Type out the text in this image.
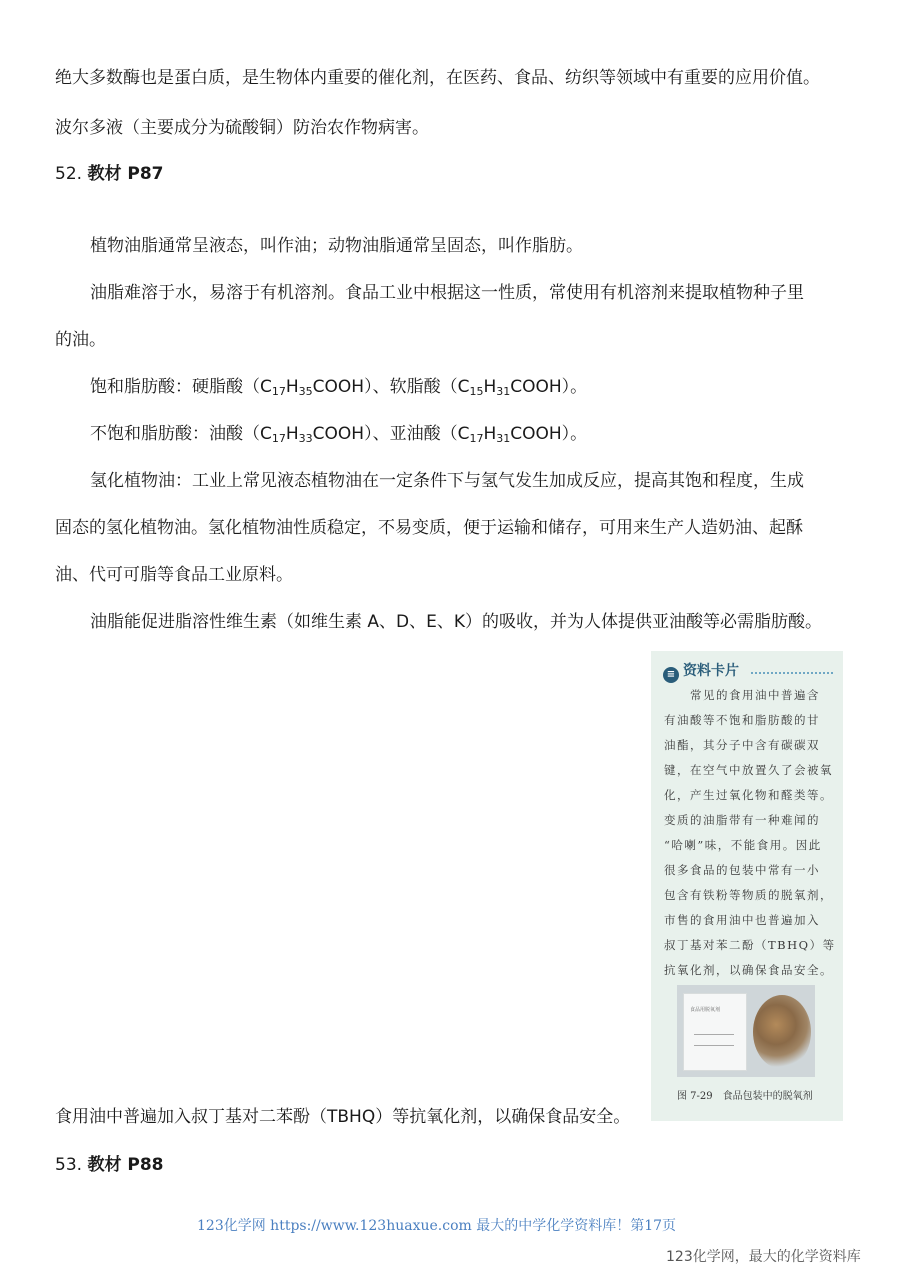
绝大多数酶也是蛋白质，是生物体内重要的催化剂，在医药、食品、纺织等领域中有重要的应用价值。
波尔多液（主要成分为硫酸铜）防治农作物病害。
52. 教材 P87
植物油脂通常呈液态，叫作油；动物油脂通常呈固态，叫作脂肪。
油脂难溶于水，易溶于有机溶剂。食品工业中根据这一性质，常使用有机溶剂来提取植物种子里
的油。
饱和脂肪酸：硬脂酸$(C_{17}H_{35}COOH)$、软脂酸$(C_{15}H_{31}COOH)$。
不饱和脂肪酸：油酸$(C_{17}H_{33}COOH)$、亚油酸$(C_{17}H_{31}COOH)$。
氢化植物油：工业上常见液态植物油在一定条件下与氢气发生加成反应，提高其饱和程度，生成
固态的氢化植物油。氢化植物油性质稳定，不易变质，便于运输和储存，可用来生产人造奶油、起酥
油、代可可脂等食品工业原料。
油脂能促进脂溶性维生素（如维生素 A、D、E、K）的吸收，并为人体提供亚油酸等必需脂肪酸。
≡ 资料卡片
　　常见的食用油中普遍含
有油酸等不饱和脂肪酸的甘
油酯，其分子中含有碳碳双
键，在空气中放置久了会被氧
化，产生过氧化物和醛类等。
变质的油脂带有一种难闻的
“哈喇”味，不能食用。因此
很多食品的包装中常有一小
包含有铁粉等物质的脱氧剂，
市售的食用油中也普遍加入
叔丁基对苯二酚（TBHQ）等
抗氧化剂，以确保食品安全。
食品用脱氧剂
图 7-29　食品包装中的脱氧剂
食用油中普遍加入叔丁基对二苯酚（TBHQ）等抗氧化剂，以确保食品安全。
53. 教材 P88
123化学网 https://www.123huaxue.com 最大的中学化学资料库！第17页
123化学网，最大的化学资料库
